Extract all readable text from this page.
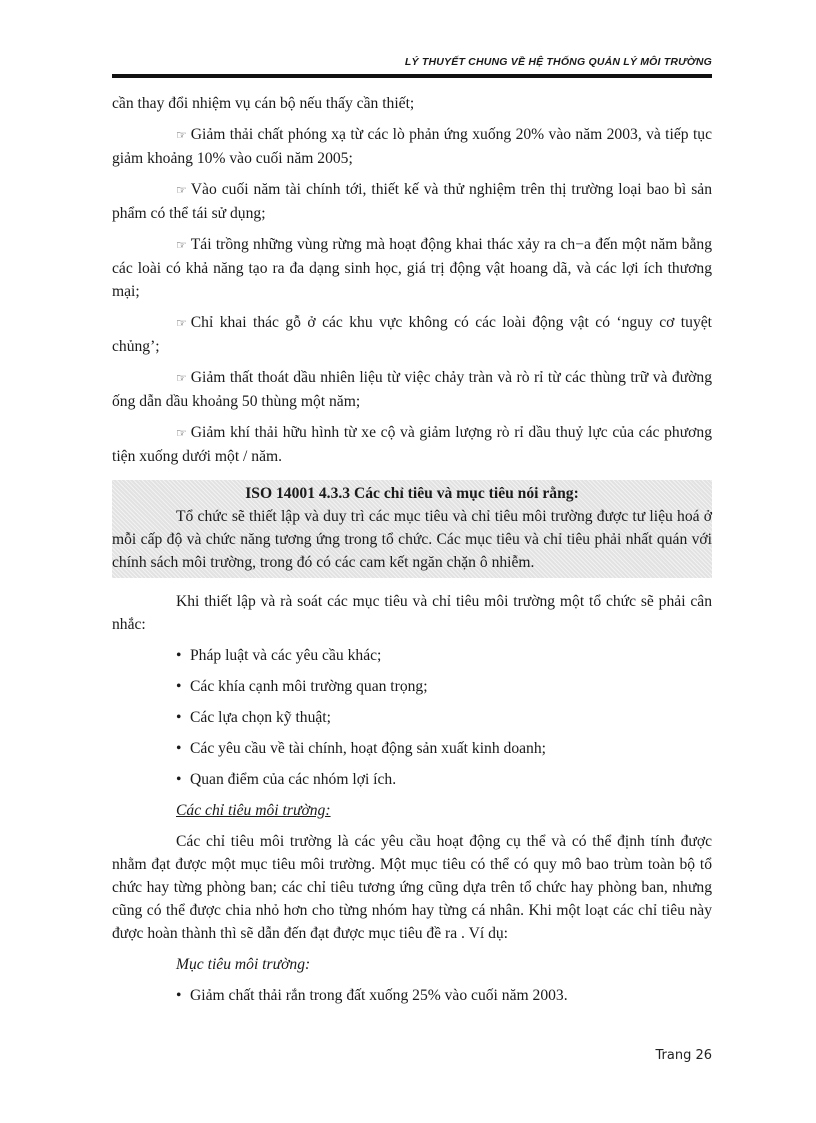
LÝ THUYẾT CHUNG VỀ HỆ THỐNG QUẢN LÝ MÔI TRƯỜNG

cần thay đổi nhiệm vụ cán bộ nếu thấy cần thiết;

☞ Giảm thải chất phóng xạ từ các lò phản ứng xuống 20% vào năm 2003, và tiếp tục giảm khoảng 10% vào cuối năm 2005;

☞ Vào cuối năm tài chính tới, thiết kế và thử nghiệm trên thị trường loại bao bì sản phẩm có thể tái sử dụng;

☞ Tái trồng những vùng rừng mà hoạt động khai thác xảy ra ch−a đến một năm bằng các loài có khả năng tạo ra đa dạng sinh học, giá trị động vật hoang dã, và các lợi ích thương mại;

☞ Chỉ khai thác gỗ ở các khu vực không có các loài động vật có ‘nguy cơ tuyệt chủng’;

☞ Giảm thất thoát dầu nhiên liệu từ việc chảy tràn và rò rỉ từ các thùng trữ và đường ống dẫn dầu khoảng 50 thùng một năm;

☞ Giảm khí thải hữu hình từ xe cộ và giảm lượng rò rỉ dầu thuỷ lực của các phương tiện xuống dưới một / năm.

ISO 14001 4.3.3 Các chỉ tiêu và mục tiêu nói rằng:

Tổ chức sẽ thiết lập và duy trì các mục tiêu và chỉ tiêu môi trường được tư liệu hoá ở mỗi cấp độ và chức năng tương ứng trong tổ chức. Các mục tiêu và chỉ tiêu phải nhất quán với chính sách môi trường, trong đó có các cam kết ngăn chặn ô nhiễm.

Khi thiết lập và rà soát các mục tiêu và chỉ tiêu môi trường một tổ chức sẽ phải cân nhắc:

• Pháp luật và các yêu cầu khác;
• Các khía cạnh môi trường quan trọng;
• Các lựa chọn kỹ thuật;
• Các yêu cầu về tài chính, hoạt động sản xuất kinh doanh;
• Quan điểm của các nhóm lợi ích.

Các chỉ tiêu môi trường:

Các chỉ tiêu môi trường là các yêu cầu hoạt động cụ thể và có thể định tính được nhằm đạt được một mục tiêu môi trường. Một mục tiêu có thể có quy mô bao trùm toàn bộ tổ chức hay từng phòng ban; các chỉ tiêu tương ứng cũng dựa trên tổ chức hay phòng ban, nhưng cũng có thể được chia nhỏ hơn cho từng nhóm hay từng cá nhân. Khi một loạt các chỉ tiêu này được hoàn thành thì sẽ dẫn đến đạt được mục tiêu đề ra . Ví dụ:

Mục tiêu môi trường:

• Giảm chất thải rắn trong đất xuống 25% vào cuối năm 2003.
Trang 26
